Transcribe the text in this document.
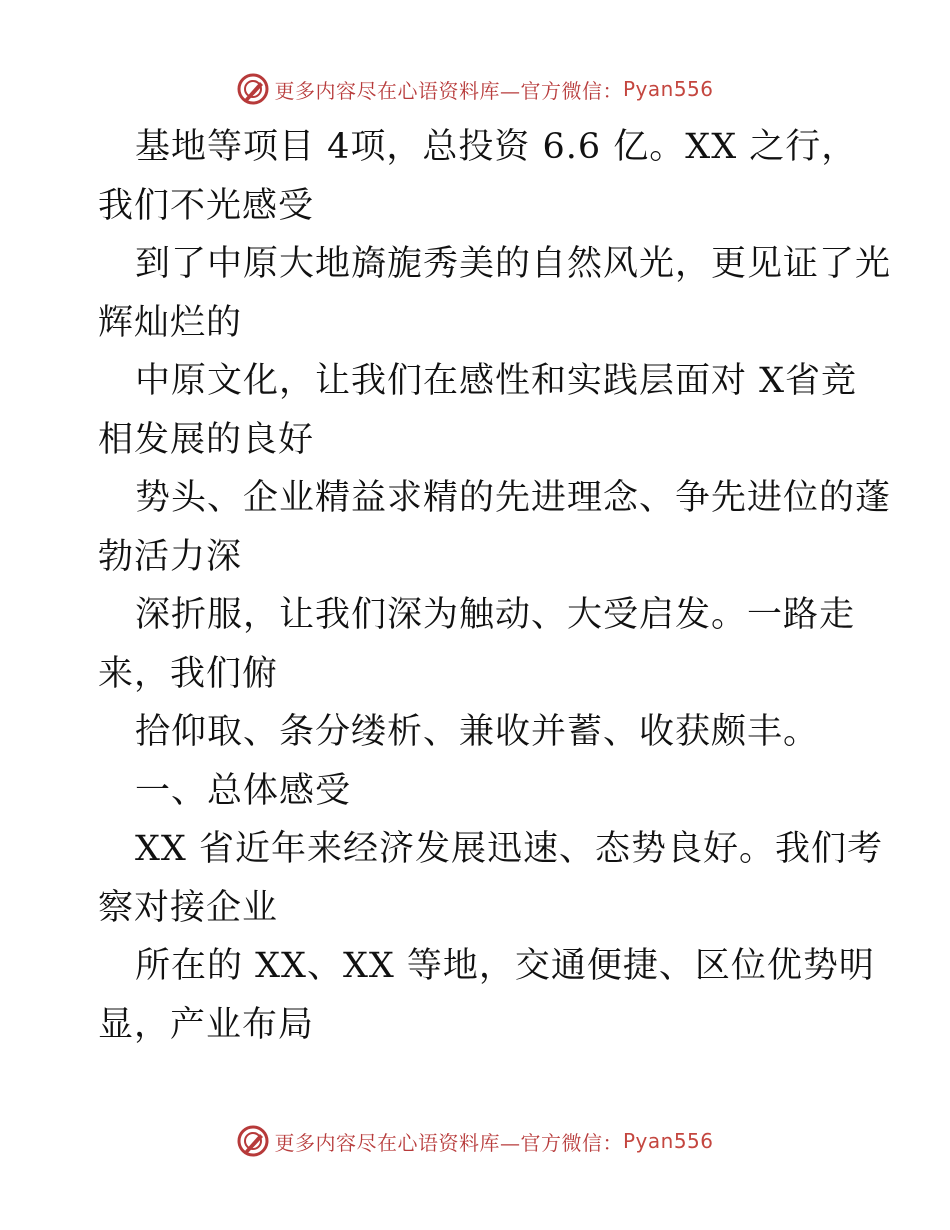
更多内容尽在心语资料库—官方微信： Pyan556
基地等项目 4项，总投资 6.6 亿。XX 之行，
我们不光感受
到了中原大地旖旎秀美的自然风光，更见证了光
辉灿烂的
中原文化，让我们在感性和实践层面对 X省竞
相发展的良好
势头、企业精益求精的先进理念、争先进位的蓬
勃活力深
深折服，让我们深为触动、大受启发。一路走
来，我们俯
拾仰取、条分缕析、兼收并蓄、收获颇丰。
一、总体感受
XX 省近年来经济发展迅速、态势良好。我们考
察对接企业
所在的 XX、XX 等地，交通便捷、区位优势明
显，产业布局
更多内容尽在心语资料库—官方微信： Pyan556
